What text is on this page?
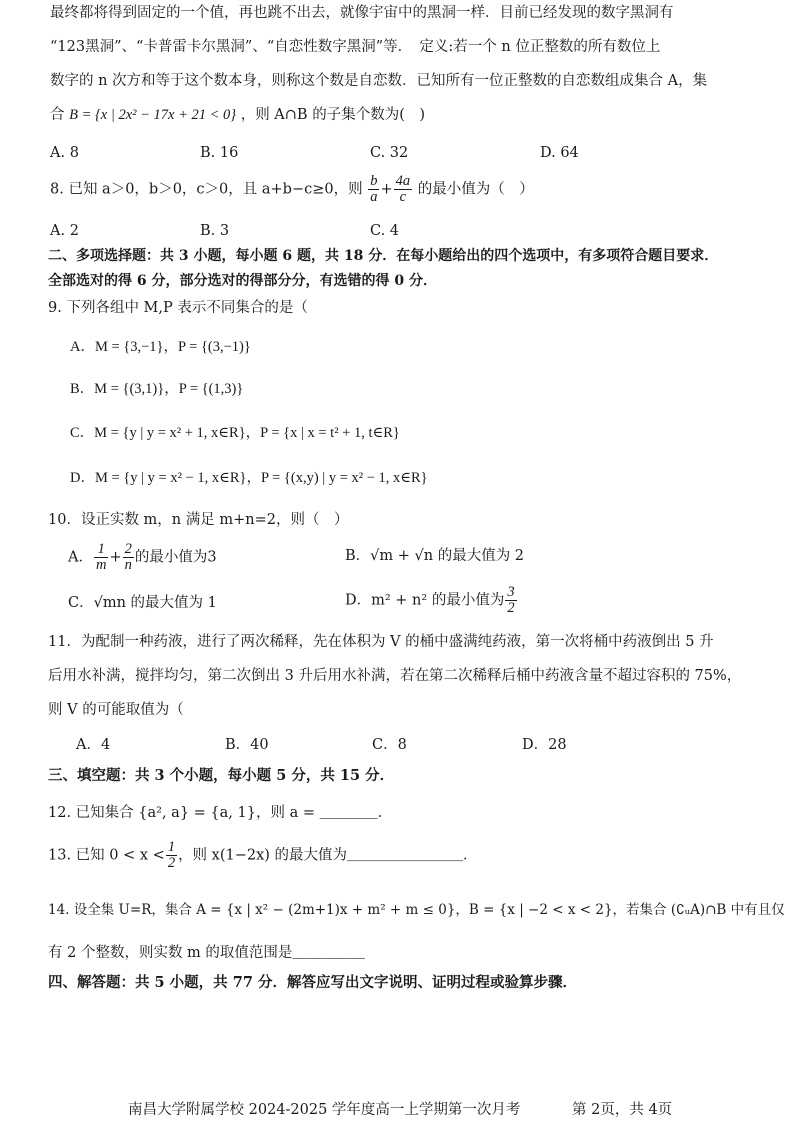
最终都将得到固定的一个值，再也跳不出去，就像宇宙中的黑洞一样．目前已经发现的数字黑洞有
“123黑洞”、“卡普雷卡尔黑洞”、“自恋性数字黑洞”等．　定义:若一个 n 位正整数的所有数位上
数字的 n 次方和等于这个数本身，则称这个数是自恋数．已知所有一位正整数的自恋数组成集合 A，集
合 B = {x | 2x² − 17x + 21 < 0} ，则 A∩B 的子集个数为(　)
A. 8	B. 16	C. 32	D. 64
8. 已知 a＞0，b＞0，c＞0，且 a+b−c≥0，则 $\frac{b}{a} + \frac{4a}{c}$ 的最小值为（　）
A. 2	B. 3	C. 4
二、多项选择题：共 3 小题，每小题 6 题，共 18 分．在每小题给出的四个选项中，有多项符合题目要求．
全部选对的得 6 分，部分选对的得部分分，有选错的得 0 分．
9. 下列各组中 M,P 表示不同集合的是（
A．M = {3,−1}，P = {(3,−1)}
B．M = {(3,1)}，P = {(1,3)}
C．M = {y | y = x² + 1, x∈R}，P = {x | x = t² + 1, t∈R}
D．M = {y | y = x² − 1, x∈R}，P = {(x,y) | y = x² − 1, x∈R}
10．设正实数 m，n 满足 m+n=2，则（　）
A． $\frac{1}{m} + \frac{2}{n}$ 的最小值为3	B．√m + √n 的最大值为 2
C．√mn 的最大值为 1	D．m² + n² 的最小值为 $\frac{3}{2}$
11．为配制一种药液，进行了两次稀释，先在体积为 V 的桶中盛满纯药液，第一次将桶中药液倒出 5 升
后用水补满，搅拌均匀，第二次倒出 3 升后用水补满，若在第二次稀释后桶中药液含量不超过容积的 75%，
则 V 的可能取值为（
A．4	B．40	C．8	D．28
三、填空题：共 3 个小题，每小题 5 分，共 15 分．
12. 已知集合 {a², a} = {a, 1}，则 a = ＿＿＿＿．
13. 已知 $0 < x < \frac{1}{2}$ ，则 x(1−2x) 的最大值为＿＿＿＿＿＿＿＿．
14. 设全集 U=R，集合 A = {x | x² − (2m+1)x + m² + m ≤ 0}，B = {x | −2 < x < 2}，若集合 (∁ᵤA)∩B 中有且仅
有 2 个整数，则实数 m 的取值范围是＿＿＿＿＿
四、解答题：共 5 小题，共 77 分．解答应写出文字说明、证明过程或验算步骤．
南昌大学附属学校 2024-2025 学年度高一上学期第一次月考	第 2页，共 4页
